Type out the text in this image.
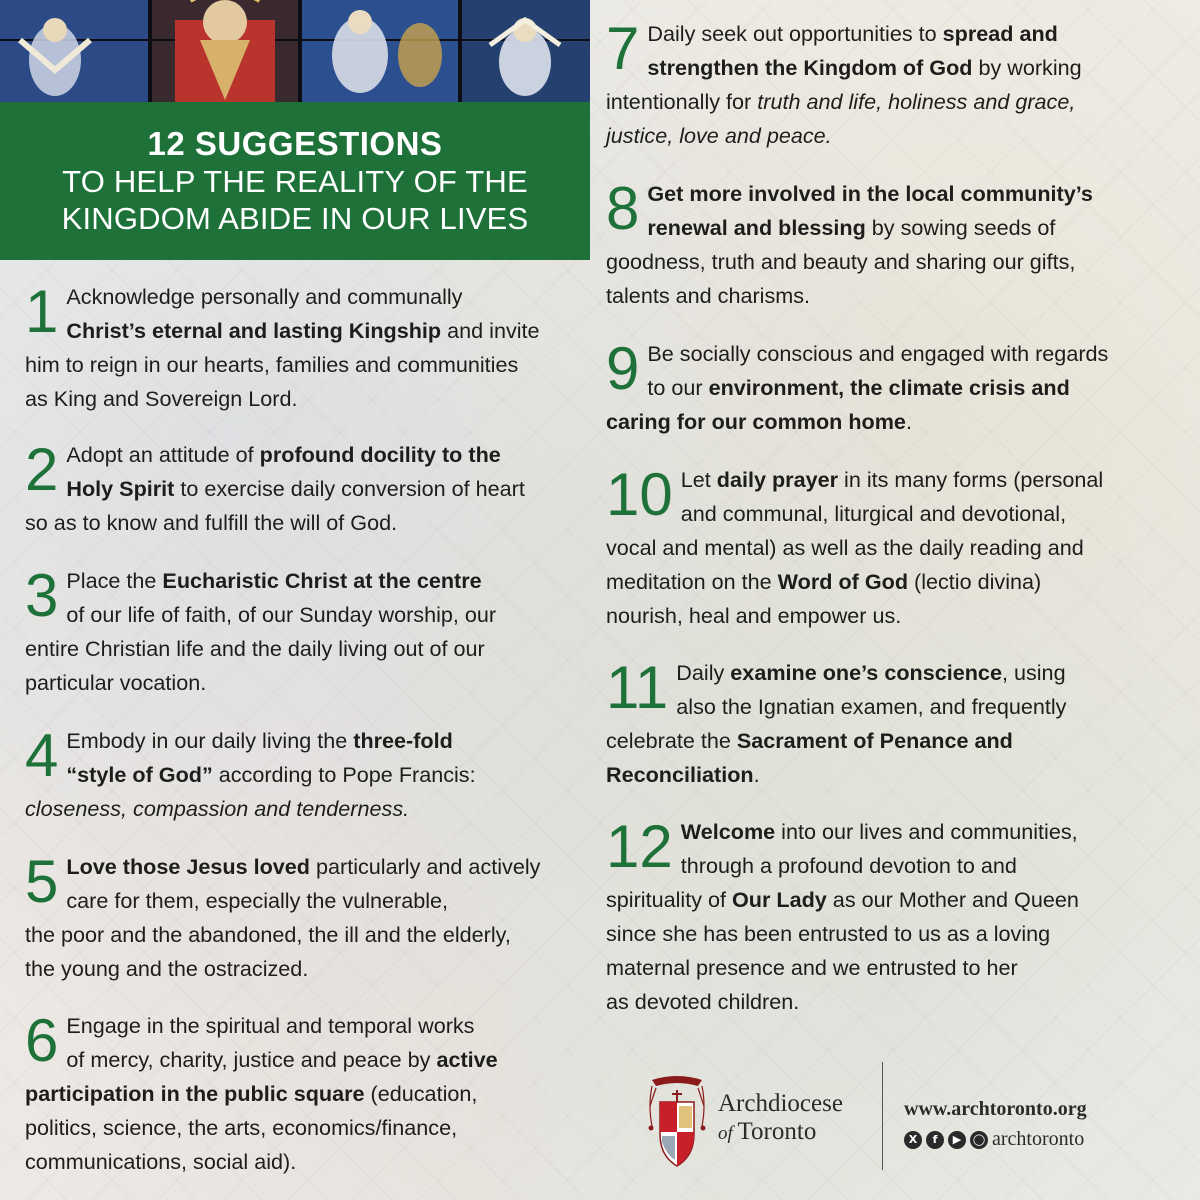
12 SUGGESTIONS
TO HELP THE REALITY OF THE
KINGDOM ABIDE IN OUR LIVES
1 Acknowledge personally and communally
Christ’s eternal and lasting Kingship and invite
him to reign in our hearts, families and communities
as King and Sovereign Lord.
2 Adopt an attitude of profound docility to the
Holy Spirit to exercise daily conversion of heart
so as to know and fulfill the will of God.
3 Place the Eucharistic Christ at the centre
of our life of faith, of our Sunday worship, our
entire Christian life and the daily living out of our
particular vocation.
4 Embody in our daily living the three-fold
“style of God” according to Pope Francis:
closeness, compassion and tenderness.
5 Love those Jesus loved particularly and actively
care for them, especially the vulnerable,
the poor and the abandoned, the ill and the elderly,
the young and the ostracized.
6 Engage in the spiritual and temporal works
of mercy, charity, justice and peace by active
participation in the public square (education,
politics, science, the arts, economics/finance,
communications, social aid).
7 Daily seek out opportunities to spread and
strengthen the Kingdom of God by working
intentionally for truth and life, holiness and grace,
justice, love and peace.
8 Get more involved in the local community’s
renewal and blessing by sowing seeds of
goodness, truth and beauty and sharing our gifts,
talents and charisms.
9 Be socially conscious and engaged with regards
to our environment, the climate crisis and
caring for our common home.
10 Let daily prayer in its many forms (personal
and communal, liturgical and devotional,
vocal and mental) as well as the daily reading and
meditation on the Word of God (lectio divina)
nourish, heal and empower us.
11 Daily examine one’s conscience, using
also the Ignatian examen, and frequently
celebrate the Sacrament of Penance and
Reconciliation.
12 Welcome into our lives and communities,
through a profound devotion to and
spirituality of Our Lady as our Mother and Queen
since she has been entrusted to us as a loving
maternal presence and we entrusted to her
as devoted children.
Archdiocese
of Toronto
www.archtoronto.org
X	f	▶	◯ archtoronto
